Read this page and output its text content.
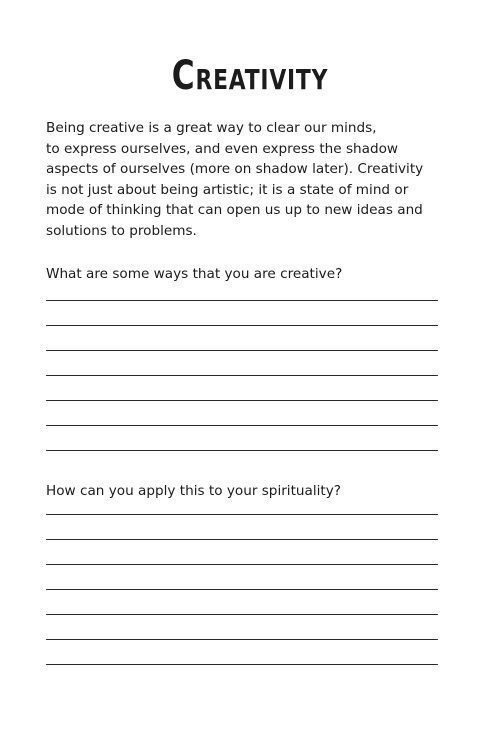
Creativity
Being creative is a great way to clear our minds,
to express ourselves, and even express the shadow
aspects of ourselves (more on shadow later). Creativity
is not just about being artistic; it is a state of mind or
mode of thinking that can open us up to new ideas and
solutions to problems.
What are some ways that you are creative?
How can you apply this to your spirituality?
